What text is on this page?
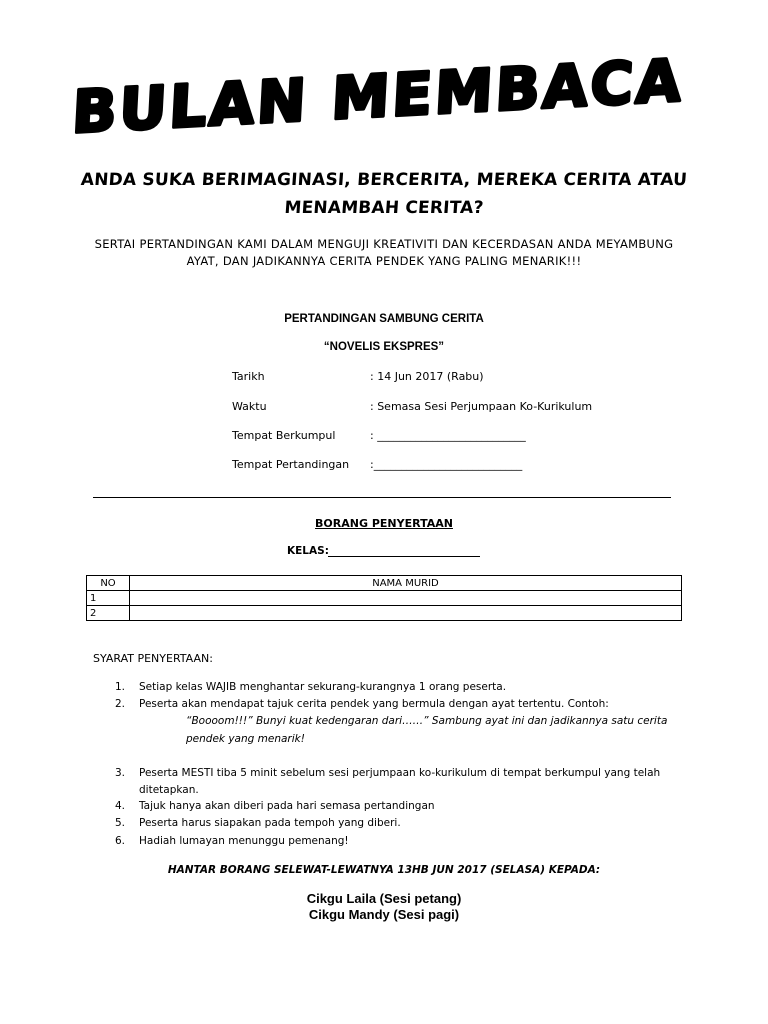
BULAN MEMBACA
ANDA SUKA BERIMAGINASI, BERCERITA, MEREKA CERITA ATAU
MENAMBAH CERITA?
SERTAI PERTANDINGAN KAMI DALAM MENGUJI KREATIVITI DAN KECERDASAN ANDA MEYAMBUNG
AYAT, DAN JADIKANNYA CERITA PENDEK YANG PALING MENARIK!!!
PERTANDINGAN SAMBUNG CERITA
“NOVELIS EKSPRES”
Tarikh	: 14 Jun 2017 (Rabu)
Waktu	: Semasa Sesi Perjumpaan Ko-Kurikulum
Tempat Berkumpul	: ___________________________
Tempat Pertandingan :___________________________
BORANG PENYERTAAN
KELAS:
NO	NAMA MURID
1	
2	
SYARAT PENYERTAAN:
1. Setiap kelas WAJIB menghantar sekurang-kurangnya 1 orang peserta.
2. Peserta akan mendapat tajuk cerita pendek yang bermula dengan ayat tertentu. Contoh:
“Boooom!!!” Bunyi kuat kedengaran dari……” Sambung ayat ini dan jadikannya satu cerita
pendek yang menarik!
3. Peserta MESTI tiba 5 minit sebelum sesi perjumpaan ko-kurikulum di tempat berkumpul yang telah
ditetapkan.
4. Tajuk hanya akan diberi pada hari semasa pertandingan
5. Peserta harus siapakan pada tempoh yang diberi.
6. Hadiah lumayan menunggu pemenang!
HANTAR BORANG SELEWAT-LEWATNYA 13HB JUN 2017 (SELASA) KEPADA:
Cikgu Laila (Sesi petang)
Cikgu Mandy (Sesi pagi)
